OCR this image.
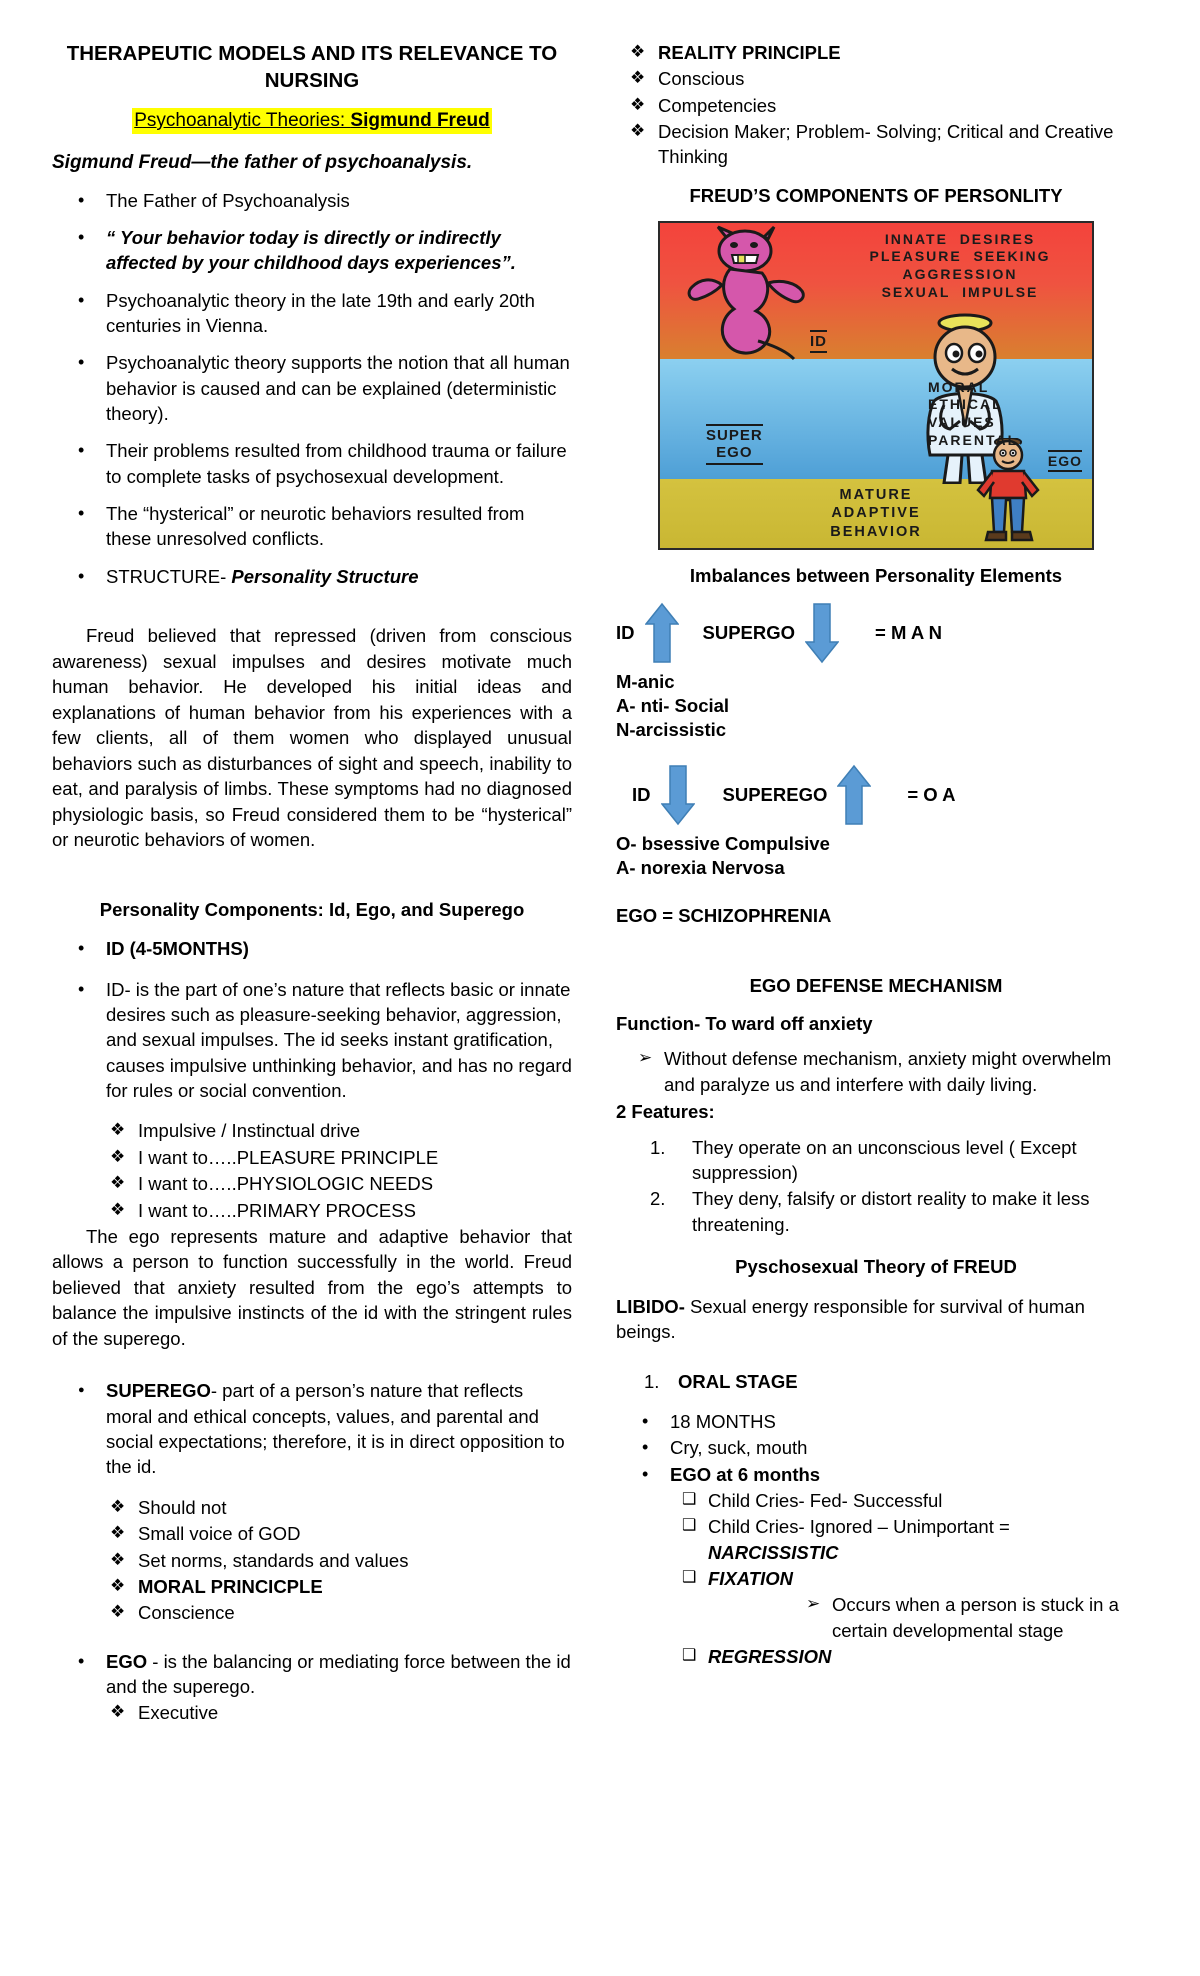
THERAPEUTIC MODELS AND ITS RELEVANCE TO NURSING
Psychoanalytic Theories: Sigmund Freud
Sigmund Freud—the father of psychoanalysis.
• The Father of Psychoanalysis
• “ Your behavior today is directly or indirectly affected by your childhood days experiences”.
• Psychoanalytic theory in the late 19th and early 20th centuries in Vienna.
• Psychoanalytic theory supports the notion that all human behavior is caused and can be explained (deterministic theory).
• Their problems resulted from childhood trauma or failure to complete tasks of psychosexual development.
• The “hysterical” or neurotic behaviors resulted from these unresolved conflicts.
• STRUCTURE- Personality Structure

Freud believed that repressed (driven from conscious awareness) sexual impulses and desires motivate much human behavior. He developed his initial ideas and explanations of human behavior from his experiences with a few clients, all of them women who displayed unusual behaviors such as disturbances of sight and speech, inability to eat, and paralysis of limbs. These symptoms had no diagnosed physiologic basis, so Freud considered them to be “hysterical” or neurotic behaviors of women.

Personality Components: Id, Ego, and Superego
• ID (4-5MONTHS)
• ID- is the part of one’s nature that reflects basic or innate desires such as pleasure-seeking behavior, aggression, and sexual impulses. The id seeks instant gratification, causes impulsive unthinking behavior, and has no regard for rules or social convention.
❖ Impulsive / Instinctual drive
❖ I want to…..PLEASURE PRINCIPLE
❖ I want to…..PHYSIOLOGIC NEEDS
❖ I want to…..PRIMARY PROCESS

The ego represents mature and adaptive behavior that allows a person to function successfully in the world. Freud believed that anxiety resulted from the ego’s attempts to balance the impulsive instincts of the id with the stringent rules of the superego.

● SUPEREGO- part of a person’s nature that reflects moral and ethical concepts, values, and parental and social expectations; therefore, it is in direct opposition to the id.
❖ Should not
❖ Small voice of GOD
❖ Set norms, standards and values
❖ MORAL PRINCICPLE
❖ Conscience
• EGO - is the balancing or mediating force between the id and the superego.
❖ Executive
❖ REALITY PRINCIPLE
❖ Conscious
❖ Competencies
❖ Decision Maker; Problem- Solving; Critical and Creative Thinking
FREUD’S COMPONENTS OF PERSONLITY
INNATE  DESIRES
PLEASURE  SEEKING
AGGRESSION
SEXUAL  IMPULSE
ID
MORAL
ETHICAL
VALUES
PARENTAL
SUPER
EGO	EGO
MATURE
ADAPTIVE
BEHAVIOR
Imbalances between Personality Elements
ID	SUPERGO	= M A N
M-anic
A- nti- Social
N-arcissistic
ID	SUPEREGO	= O A
O- bsessive Compulsive
A- norexia Nervosa

EGO = SCHIZOPHRENIA

EGO DEFENSE MECHANISM

Function- To ward off anxiety

➢ Without defense mechanism, anxiety might overwhelm and paralyze us and interfere with daily living.

2 Features:

They operate on an unconscious level ( Except suppression)
They deny, falsify or distort reality to make it less threatening.
Pyschosexual Theory of FREUD

LIBIDO- Sexual energy responsible for survival of human beings.

ORAL STAGE
• 18 MONTHS
• Cry, suck, mouth
• EGO at 6 months
❑ Child Cries- Fed- Successful
❑ Child Cries- Ignored – Unimportant = NARCISSISTIC
❑ FIXATION
➢ Occurs when a person is stuck in a certain developmental stage
❑ REGRESSION
